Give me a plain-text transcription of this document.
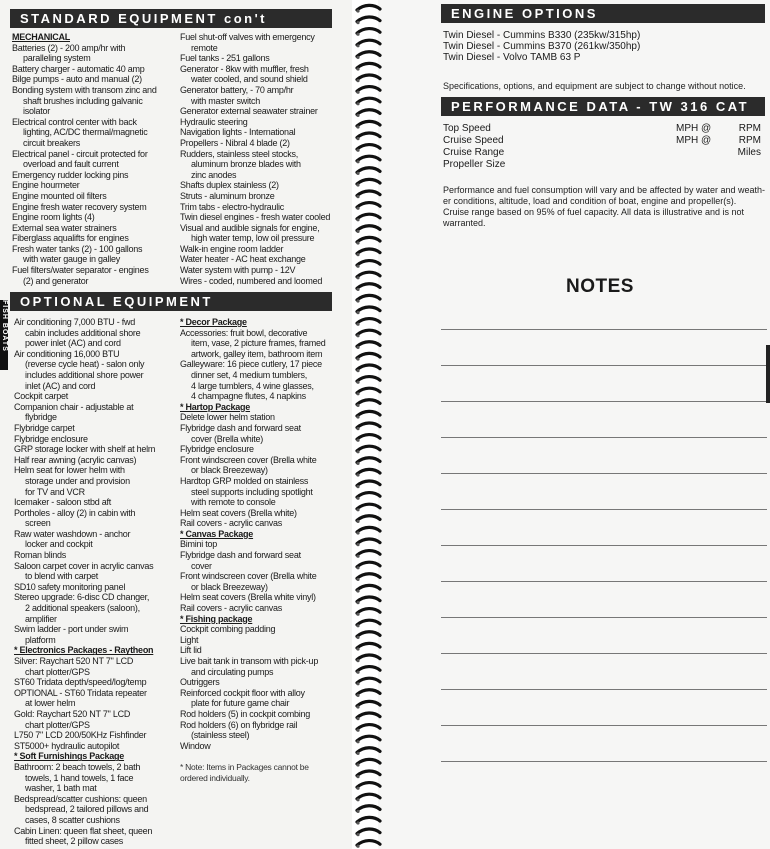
STANDARD EQUIPMENT con't
MECHANICAL
Batteries (2) - 200 amp/hr with
paralleling system
Battery charger - automatic 40 amp
Bilge pumps - auto and manual (2)
Bonding system with transom zinc and
shaft brushes including galvanic
isolator
Electrical control center with back
lighting, AC/DC thermal/magnetic
circuit breakers
Electrical panel - circuit protected for
overload and fault current
Emergency rudder locking pins
Engine hourmeter
Engine mounted oil filters
Engine fresh water recovery system
Engine room lights (4)
External sea water strainers
Fiberglass aqualifts for engines
Fresh water tanks (2) - 100 gallons
with water gauge in galley
Fuel filters/water separator - engines
(2) and generator
Fuel shut-off valves with emergency
remote
Fuel tanks - 251 gallons
Generator - 8kw with muffler, fresh
water cooled, and sound shield
Generator battery, - 70 amp/hr
with master switch
Generator external seawater strainer
Hydraulic steering
Navigation lights - International
Propellers - Nibral 4 blade (2)
Rudders, stainless steel stocks,
aluminum bronze blades with
zinc anodes
Shafts duplex stainless (2)
Struts - aluminum bronze
Trim tabs - electro-hydraulic
Twin diesel engines - fresh water cooled
Visual and audible signals for engine,
high water temp, low oil pressure
Walk-in engine room ladder
Water heater - AC heat exchange
Water system with pump - 12V
Wires - coded, numbered and loomed
OPTIONAL EQUIPMENT
FISH BOATS Air conditioning 7,000 BTU - fwd
cabin includes additional shore
power inlet (AC) and cord
Air conditioning 16,000 BTU
(reverse cycle heat) - salon only
includes additional shore power
inlet (AC) and cord
Cockpit carpet
Companion chair - adjustable at
flybridge
Flybridge carpet
Flybridge enclosure
GRP storage locker with shelf at helm
Half rear awning (acrylic canvas)
Helm seat for lower helm with
storage under and provision
for TV and VCR
Icemaker - saloon stbd aft
Portholes - alloy (2) in cabin with
screen
Raw water washdown - anchor
locker and cockpit
Roman blinds
Saloon carpet cover in acrylic canvas
to blend with carpet
SD10 safety monitoring panel
Stereo upgrade: 6-disc CD changer,
2 additional speakers (saloon),
amplifier
Swim ladder - port under swim
platform
* Electronics Packages - Raytheon
Silver: Raychart 520 NT 7" LCD
chart plotter/GPS
ST60 Tridata depth/speed/log/temp
OPTIONAL - ST60 Tridata repeater
at lower helm
Gold: Raychart 520 NT 7" LCD
chart plotter/GPS
L750 7" LCD 200/50KHz Fishfinder
ST5000+ hydraulic autopilot
* Soft Furnishings Package
Bathroom: 2 beach towels, 2 bath
towels, 1 hand towels, 1 face
washer, 1 bath mat
Bedspread/scatter cushions: queen
bedspread, 2 tailored pillows and
cases, 8 scatter cushions
Cabin Linen: queen flat sheet, queen
fitted sheet, 2 pillow cases
* Decor Package
Accessories: fruit bowl, decorative
item, vase, 2 picture frames, framed
artwork, galley item, bathroom item
Galleyware: 16 piece cutlery, 17 piece
dinner set, 4 medium tumblers,
4 large tumblers, 4 wine glasses,
4 champagne flutes, 4 napkins
* Hartop Package
Delete lower helm station
Flybridge dash and forward seat
cover (Brella white)
Flybridge enclosure
Front windscreen cover (Brella white
or black Breezeway)
Hardtop GRP molded on stainless
steel supports including spotlight
with remote to console
Helm seat covers (Brella white)
Rail covers - acrylic canvas
* Canvas Package
Bimini top
Flybridge dash and forward seat
cover
Front windscreen cover (Brella white
or black Breezeway)
Helm seat covers (Brella white vinyl)
Rail covers - acrylic canvas
* Fishing package
Cockpit combing padding
Light
Lift lid
Live bait tank in transom with pick-up
and circulating pumps
Outriggers
Reinforced cockpit floor with alloy
plate for future game chair
Rod holders (5) in cockpit combing
Rod holders (6) on flybridge rail
(stainless steel)
Window

* Note: Items in Packages cannot be
ordered individually.
ENGINE OPTIONS
Twin Diesel - Cummins B330 (235kw/315hp)
Twin Diesel - Cummins B370 (261kw/350hp)
Twin Diesel - Volvo TAMB 63 P
Specifications, options, and equipment are subject to change without notice.
PERFORMANCE DATA - TW 316 CAT
Top Speed	MPH @	RPM
Cruise Speed	MPH @	RPM
Cruise Range	Miles
Propeller Size
Performance and fuel consumption will vary and be affected by water and weath-
er conditions, altitude, load and condition of boat, engine and propeller(s).
Cruise range based on 95% of fuel capacity. All data is illustrative and is not
warranted.
NOTES
